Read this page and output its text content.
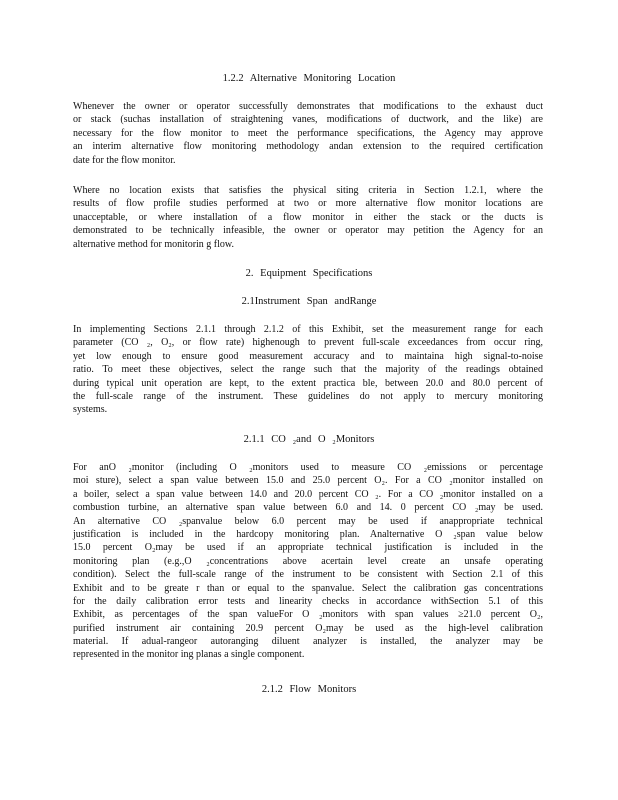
1.2.2 Alternative Monitoring Location
Whenever the owner or operator successfully demonstrates that modifications to the exhaust duct
or stack (suchas installation of straightening vanes, modifications of ductwork, and the like) are
necessary for the flow monitor to meet the performance specifications, the Agency may approve
an interim alternative flow monitoring methodology andan extension to the required certification
date for the flow monitor.
Where no location exists that satisfies the physical siting criteria in Section 1.2.1, where the
results of flow profile studies performed at two or more alternative flow monitor locations are
unacceptable, or where installation of a flow monitor in either the stack or the ducts is
demonstrated to be technically infeasible, the owner or operator may petition the Agency for an
alternative method for monitorin g flow.
2. Equipment Specifications
2.1Instrument Span andRange
In implementing Sections 2.1.1 through 2.1.2 of this Exhibit, set the measurement range for each
parameter (CO ₂, O₂, or flow rate) highenough to prevent full-scale exceedances from occur ring,
yet low enough to ensure good measurement accuracy and to maintaina high signal-to-noise
ratio. To meet these objectives, select the range such that the majority of the readings obtained
during typical unit operation are kept, to the extent practica ble, between 20.0 and 80.0 percent of
the full-scale range of the instrument. These guidelines do not apply to mercury monitoring
systems.
2.1.1 CO ₂and O ₂Monitors
For anO ₂monitor (including O ₂monitors used to measure CO ₂emissions or percentage
moi sture), select a span value between 15.0 and 25.0 percent O₂. For a CO ₂monitor installed on
a boiler, select a span value between 14.0 and 20.0 percent CO ₂. For a CO ₂monitor installed on a
combustion turbine, an alternative span value between 6.0 and 14. 0 percent CO ₂may be used.
An alternative CO ₂spanvalue below 6.0 percent may be used if anappropriate technical
justification is included in the hardcopy monitoring plan. Analternative O ₂span value below
15.0 percent O₂may be used if an appropriate technical justification is included in the
monitoring plan (e.g.,O ₂concentrations above acertain level create an unsafe operating
condition). Select the full-scale range of the instrument to be consistent with Section 2.1 of this
Exhibit and to be greate r than or equal to the spanvalue. Select the calibration gas concentrations
for the daily calibration error tests and linearity checks in accordance withSection 5.1 of this
Exhibit, as percentages of the span valueFor O ₂monitors with span values ≥21.0 percent O₂,
purified instrument air containing 20.9 percent O₂may be used as the high-level calibration
material. If adual-rangeor autoranging diluent analyzer is installed, the analyzer may be
represented in the monitor ing planas a single component.
2.1.2 Flow Monitors
